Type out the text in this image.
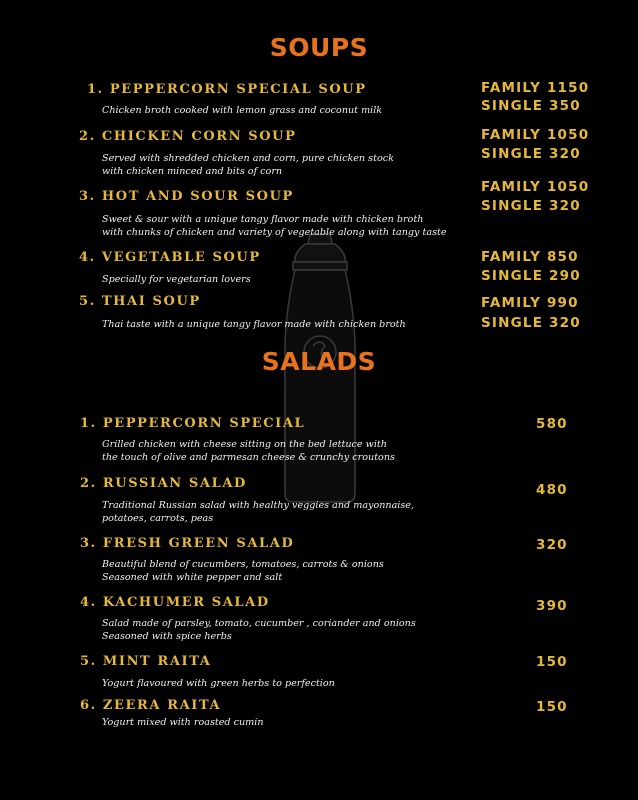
SOUPS
1. PEPPERCORN SPECIAL SOUP
Chicken broth cooked with lemon grass and coconut milk
FAMILY 1150
SINGLE 350
2. CHICKEN CORN SOUP
Served with shredded chicken and corn, pure chicken stock
with chicken minced and bits of corn
FAMILY 1050
SINGLE 320
3. HOT AND SOUR SOUP
Sweet & sour with a unique tangy flavor made with chicken broth
with chunks of chicken and variety of vegetable along with tangy taste
FAMILY 1050
SINGLE 320
4. VEGETABLE SOUP
Specially for vegetarian lovers
FAMILY 850
SINGLE 290
5. THAI SOUP
Thai taste with a unique tangy flavor made with chicken broth
FAMILY 990
SINGLE 320
SALADS
1. PEPPERCORN SPECIAL
Grilled chicken with cheese sitting on the bed lettuce with
the touch of olive and parmesan cheese & crunchy croutons
580
2. RUSSIAN SALAD
Traditional Russian salad with healthy veggies and mayonnaise,
potatoes, carrots, peas
480
3. FRESH GREEN SALAD
Beautiful blend of cucumbers, tomatoes, carrots & onions
Seasoned with white pepper and salt
320
4. KACHUMER SALAD
Salad made of parsley, tomato, cucumber , coriander and onions
Seasoned with spice herbs
390
5. MINT RAITA
Yogurt flavoured with green herbs to perfection
150
6. ZEERA RAITA
Yogurt mixed with roasted cumin
150
